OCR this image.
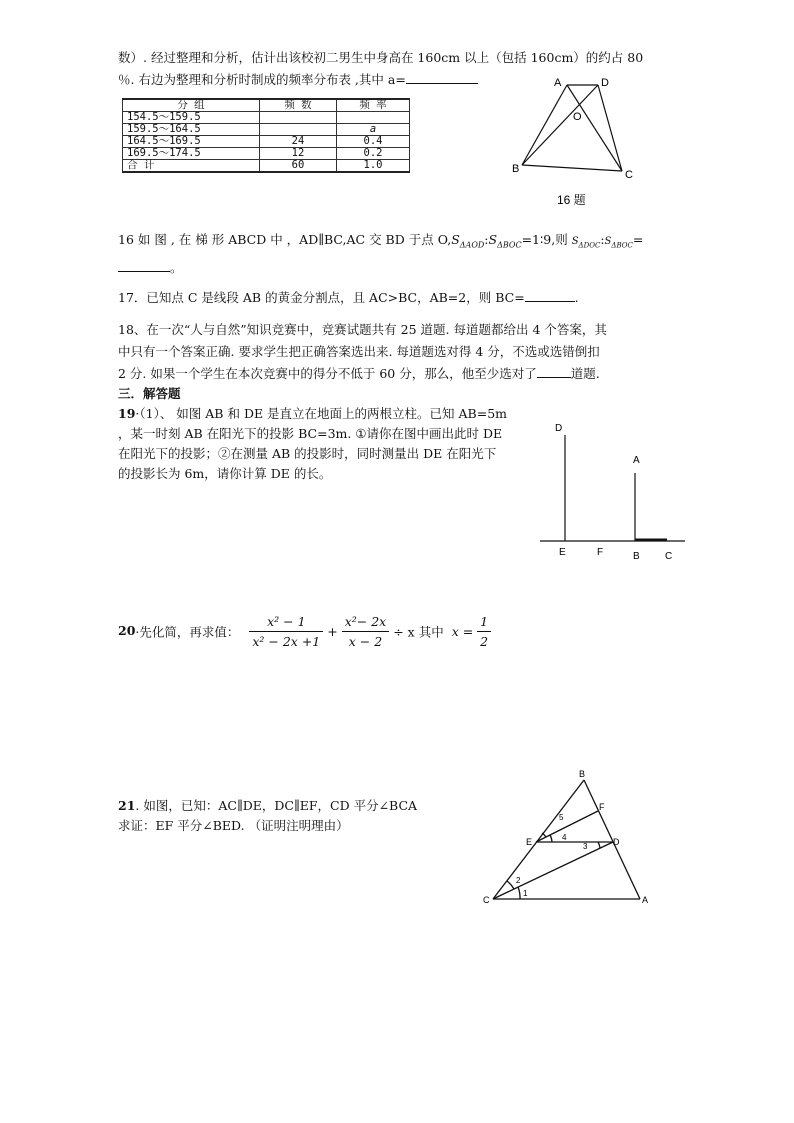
数）. 经过整理和分析，估计出该校初二男生中身高在 160cm 以上（包括 160cm）的约占 80
％. 右边为整理和分析时制成的频率分布表 ,其中 a=
分 组	频 数	频 率
154.5～159.5		
159.5～164.5		a
164.5～169.5	24	0.4
169.5～174.5	12	0.2
合 计	60	1.0
A	D
O
B	C
16 题
16 如 图 , 在 梯 形 ABCD 中 ，AD∥BC,AC 交 BD 于点 $O,S_{\Delta AOD}:S_{\Delta BOC}=1∶9$,则 $S_{\Delta DOC}:S_{\Delta BOC}=$
。
17．已知点 C 是线段 AB 的黄金分割点，且 AC>BC，AB=2，则 BC=	.
18、在一次“人与自然”知识竞赛中，竞赛试题共有 25 道题. 每道题都给出 4 个答案，其
中只有一个答案正确. 要求学生把正确答案选出来. 每道题选对得 4 分，不选或选错倒扣
2 分. 如果一个学生在本次竞赛中的得分不低于 60 分，那么，他至少选对了	道题.
三．解答题
19·（1）、 如图 AB 和 DE 是直立在地面上的两根立柱。已知 AB=5m
，某一时刻 AB 在阳光下的投影 BC=3m. ①请你在图中画出此时 DE
在阳光下的投影；②在测量 AB 的投影时，同时测量出 DE 在阳光下
的投影长为 6m，请你计算 DE 的长。
D
A
E	F	B	C
20·先化简，再求值： $\frac{\text{x² − 1}}{\text{x² − 2x +1}} + \frac{\text{x²− 2x}}{x - 2} \div x$ 其中 $x = \frac{1}{2}$
21. 如图，已知：AC∥DE，DC∥EF，CD 平分∠BCA
求证：EF 平分∠BED. （证明注明理由）
B
F
E	D
C	A
5
4
3
2
1
